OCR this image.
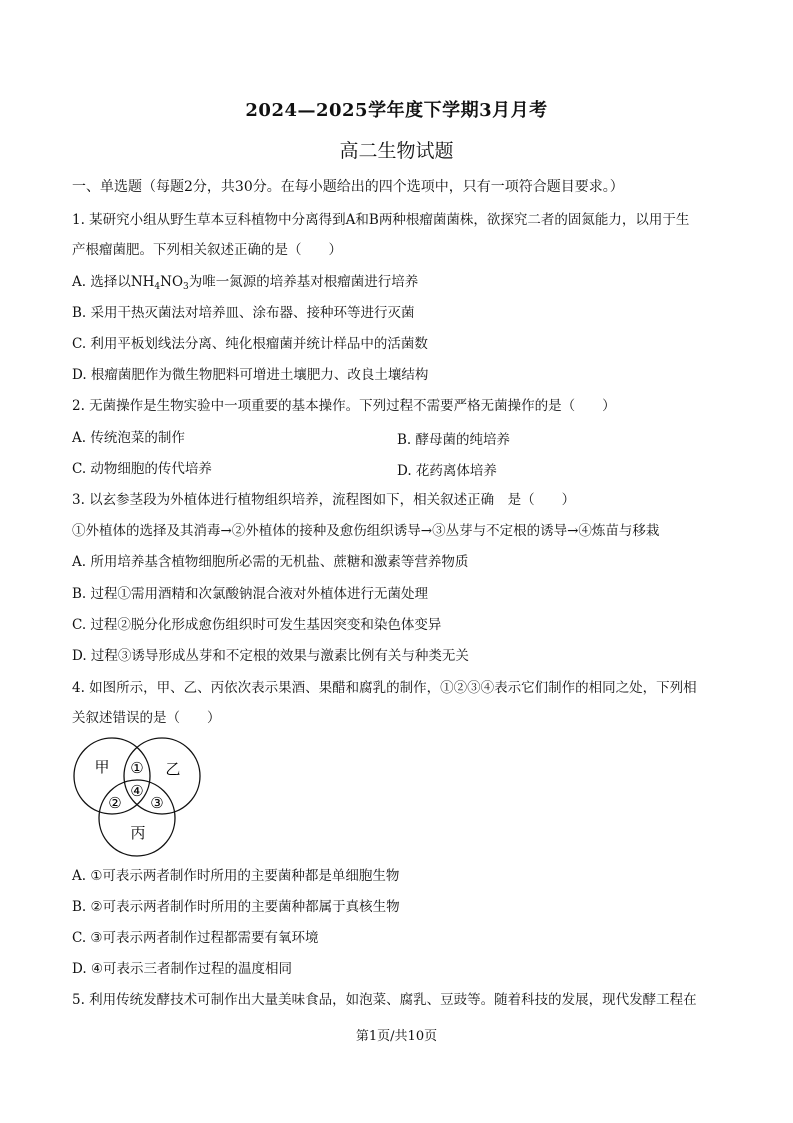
2024—2025学年度下学期3月月考
高二生物试题
一、单选题（每题2分，共30分。在每小题给出的四个选项中，只有一项符合题目要求。）
1. 某研究小组从野生草本豆科植物中分离得到A和B两种根瘤菌菌株，欲探究二者的固氮能力，以用于生
产根瘤菌肥。下列相关叙述正确的是（　　）
A. 选择以$NH_4NO_3$为唯一氮源的培养基对根瘤菌进行培养
B. 采用干热灭菌法对培养皿、涂布器、接种环等进行灭菌
C. 利用平板划线法分离、纯化根瘤菌并统计样品中的活菌数
D. 根瘤菌肥作为微生物肥料可增进土壤肥力、改良土壤结构
2. 无菌操作是生物实验中一项重要的基本操作。下列过程不需要严格无菌操作的是（　　）
A. 传统泡菜的制作	B. 酵母菌的纯培养
C. 动物细胞的传代培养	D. 花药离体培养
3. 以玄参茎段为外植体进行植物组织培养，流程图如下，相关叙述正确　是（　　）
①外植体的选择及其消毒→②外植体的接种及愈伤组织诱导→③丛芽与不定根的诱导→④炼苗与移栽
A. 所用培养基含植物细胞所必需的无机盐、蔗糖和激素等营养物质
B. 过程①需用酒精和次氯酸钠混合液对外植体进行无菌处理
C. 过程②脱分化形成愈伤组织时可发生基因突变和染色体变异
D. 过程③诱导形成丛芽和不定根的效果与激素比例有关与种类无关
4. 如图所示，甲、乙、丙依次表示果酒、果醋和腐乳的制作，①②③④表示它们制作的相同之处，下列相
关叙述错误的是（　　）
甲	乙
丙
①
② ③
④
A. ①可表示两者制作时所用的主要菌种都是单细胞生物
B. ②可表示两者制作时所用的主要菌种都属于真核生物
C. ③可表示两者制作过程都需要有氧环境
D. ④可表示三者制作过程的温度相同
5. 利用传统发酵技术可制作出大量美味食品，如泡菜、腐乳、豆豉等。随着科技的发展，现代发酵工程在
第1页/共10页
